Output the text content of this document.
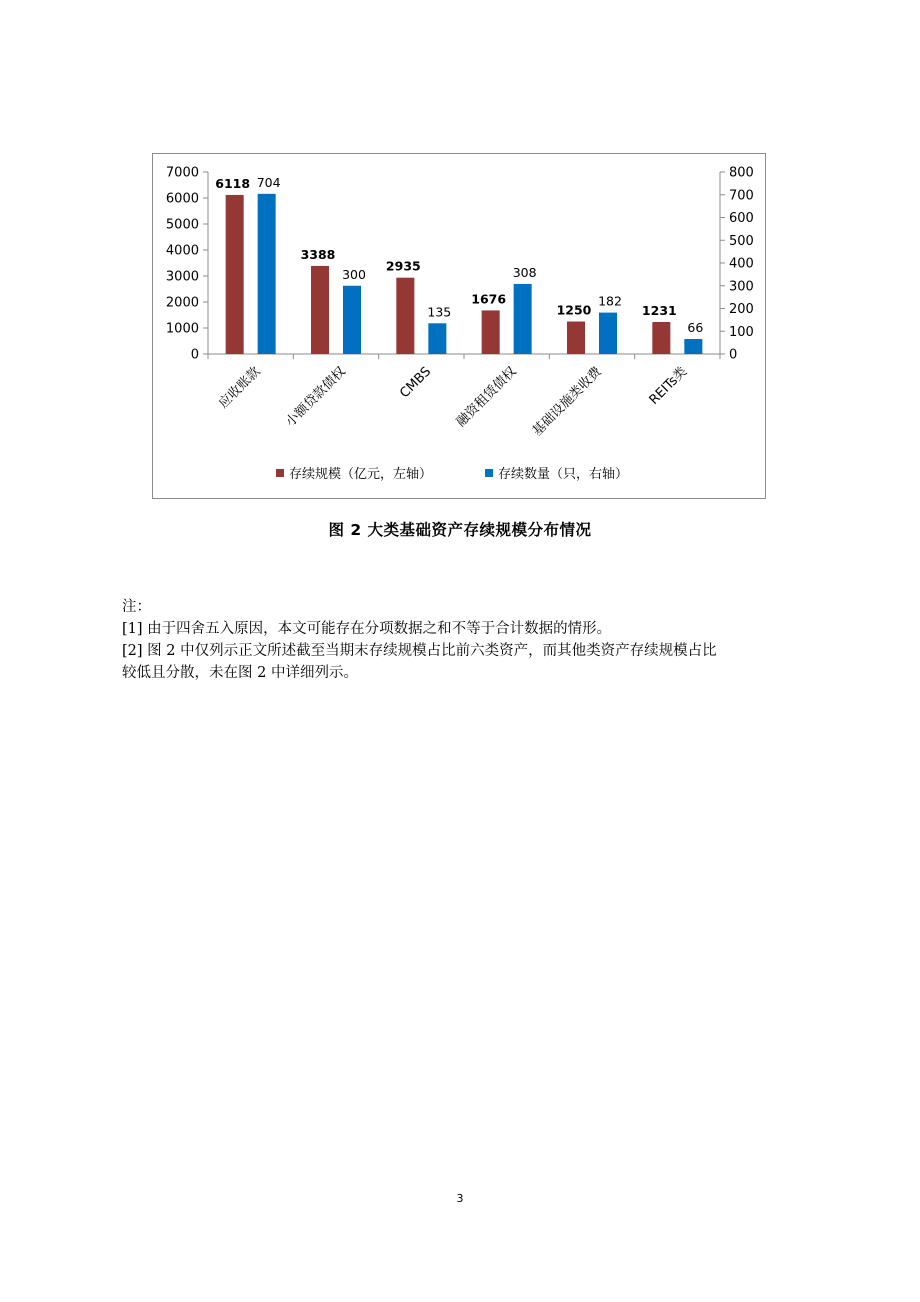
0
1000
2000
3000
4000
5000
6000
7000
0
100
200
300
400
500
600
700
800
6118 704
应收账款
3388
300
小额贷款债权
2935
135
CMBS
1676
308
融资租赁债权
1250
182
基础设施类收费
1231
66
REITs类
存续规模（亿元，左轴）	存续数量（只，右轴）
图 2 大类基础资产存续规模分布情况
注：
[1] 由于四舍五入原因，本文可能存在分项数据之和不等于合计数据的情形。
[2] 图 2 中仅列示正文所述截至当期末存续规模占比前六类资产，而其他类资产存续规模占比
较低且分散，未在图 2 中详细列示。
3
